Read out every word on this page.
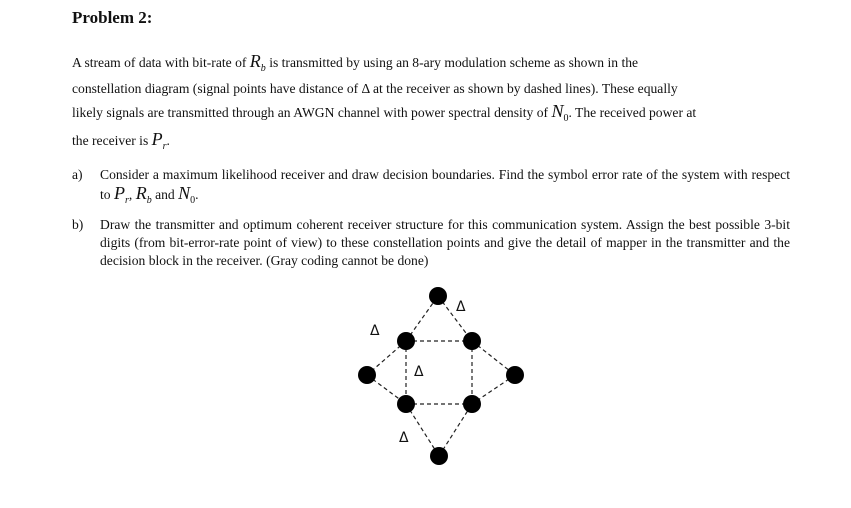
Problem 2:
A stream of data with bit-rate of $R_b$ is transmitted by using an 8-ary modulation scheme as shown in the
constellation diagram (signal points have distance of Δ at the receiver as shown by dashed lines). These equally
likely signals are transmitted through an AWGN channel with power spectral density of $N_0$. The received power at
the receiver is $P_r$.
a) Consider a maximum likelihood receiver and draw decision boundaries. Find the symbol error rate of the system with respect to $P_r$, $R_b$ and $N_0$.
b) Draw the transmitter and optimum coherent receiver structure for this communication system. Assign the best possible 3-bit digits (from bit-error-rate point of view) to these constellation points and give the detail of mapper in the transmitter and the decision block in the receiver. (Gray coding cannot be done)
Δ
Δ
Δ
Δ
